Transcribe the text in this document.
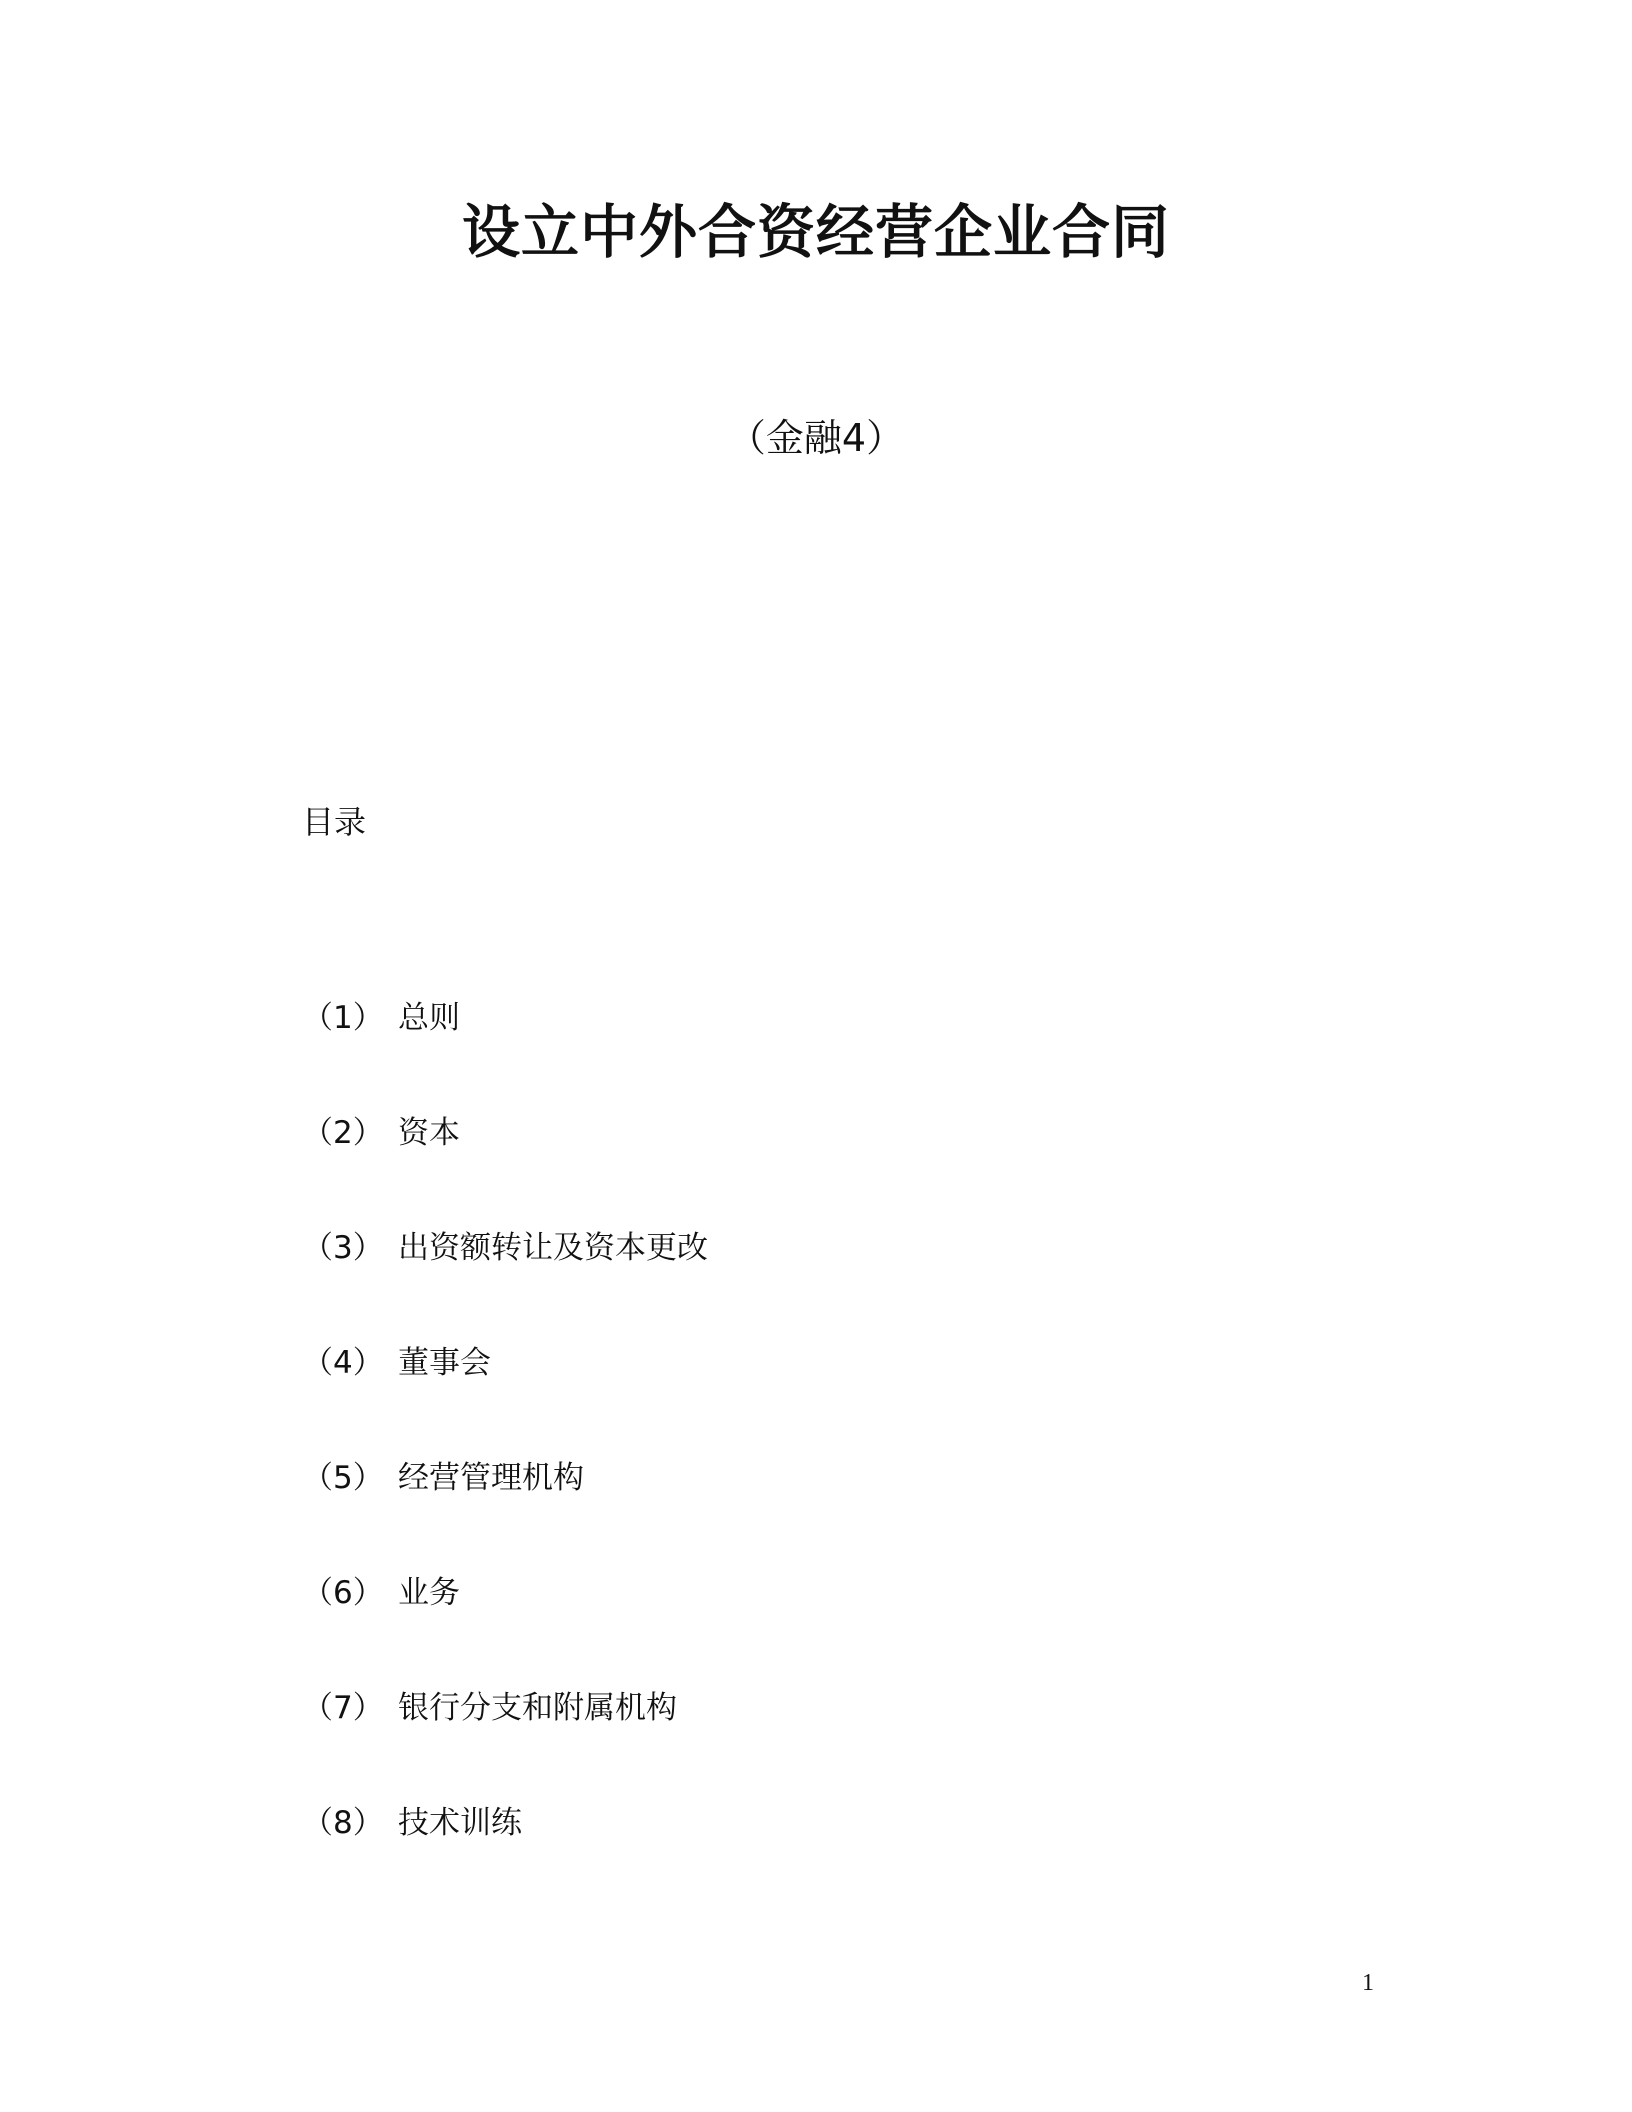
设立中外合资经营企业合同
（金融4）
目录
（1） 总则
（2） 资本
（3） 出资额转让及资本更改
（4） 董事会
（5） 经营管理机构
（6） 业务
（7） 银行分支和附属机构
（8） 技术训练
1
